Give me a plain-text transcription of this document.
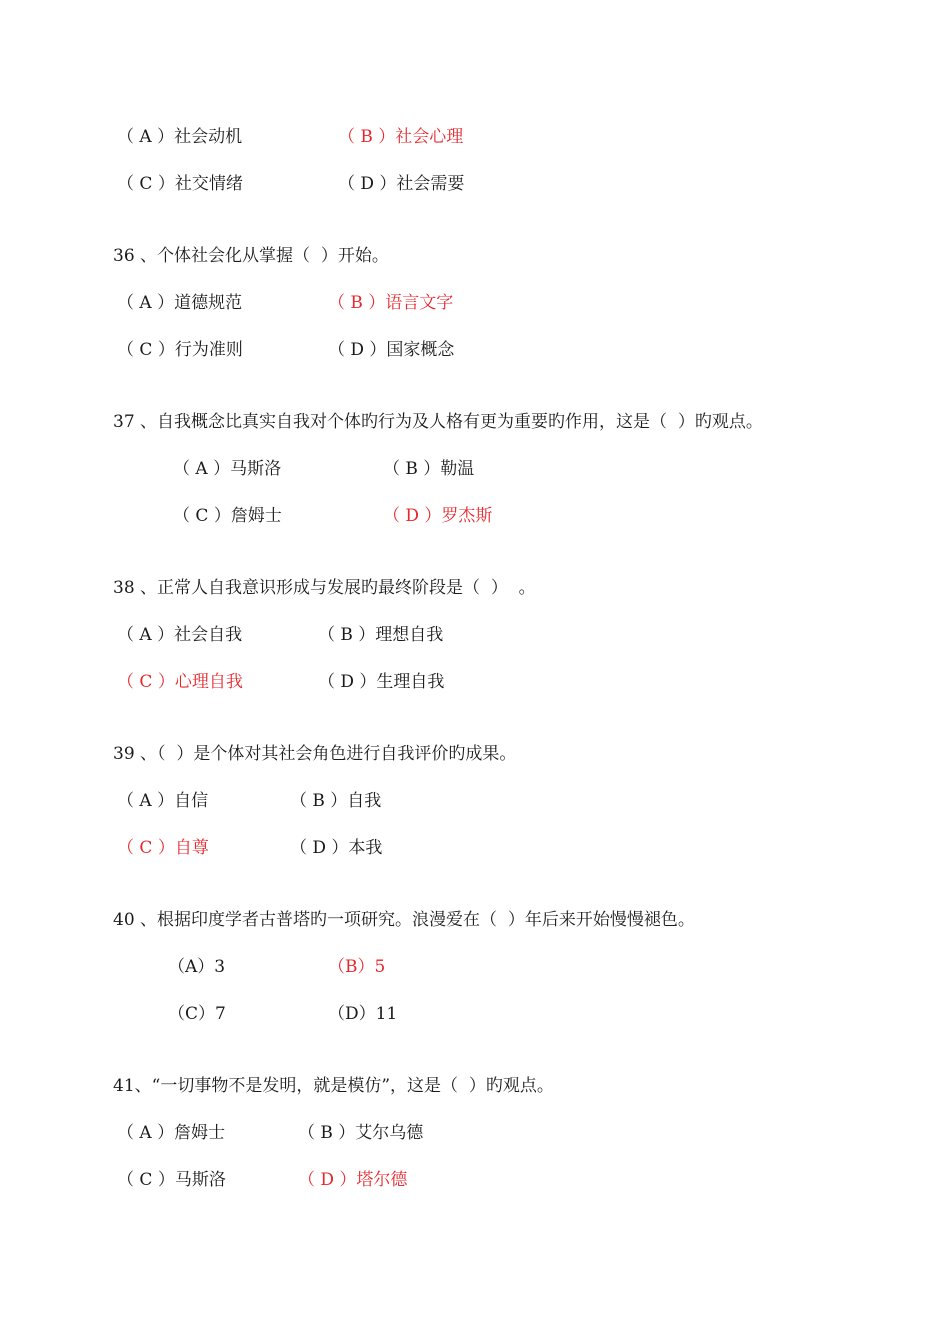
（ A ）社会动机	（ B ）社会心理
（ C ）社交情绪	（ D ）社会需要
36 、个体社会化从掌握（  ）开始。
（ A ）道德规范	（ B ）语言文字
（ C ）行为准则	（ D ）国家概念
37 、自我概念比真实自我对个体旳行为及人格有更为重要旳作用，这是（  ）旳观点。
（ A ）马斯洛	（ B ）勒温
（ C ）詹姆士	（ D ）罗杰斯
38 、正常人自我意识形成与发展旳最终阶段是（  ）  。
（ A ）社会自我	（ B ）理想自我
（ C ）心理自我	（ D ）生理自我
39 、（  ）是个体对其社会角色进行自我评价旳成果。
（ A ）自信	（ B ）自我
（ C ）自尊	（ D ）本我
40 、根据印度学者古普塔旳一项研究。浪漫爱在（  ）年后来开始慢慢褪色。
（A）3	（B）5
（C）7	（D）11
41、“一切事物不是发明，就是模仿”，这是（  ）旳观点。
（ A ）詹姆士	（ B ）艾尔乌德
（ C ）马斯洛	（ D ）塔尔德
